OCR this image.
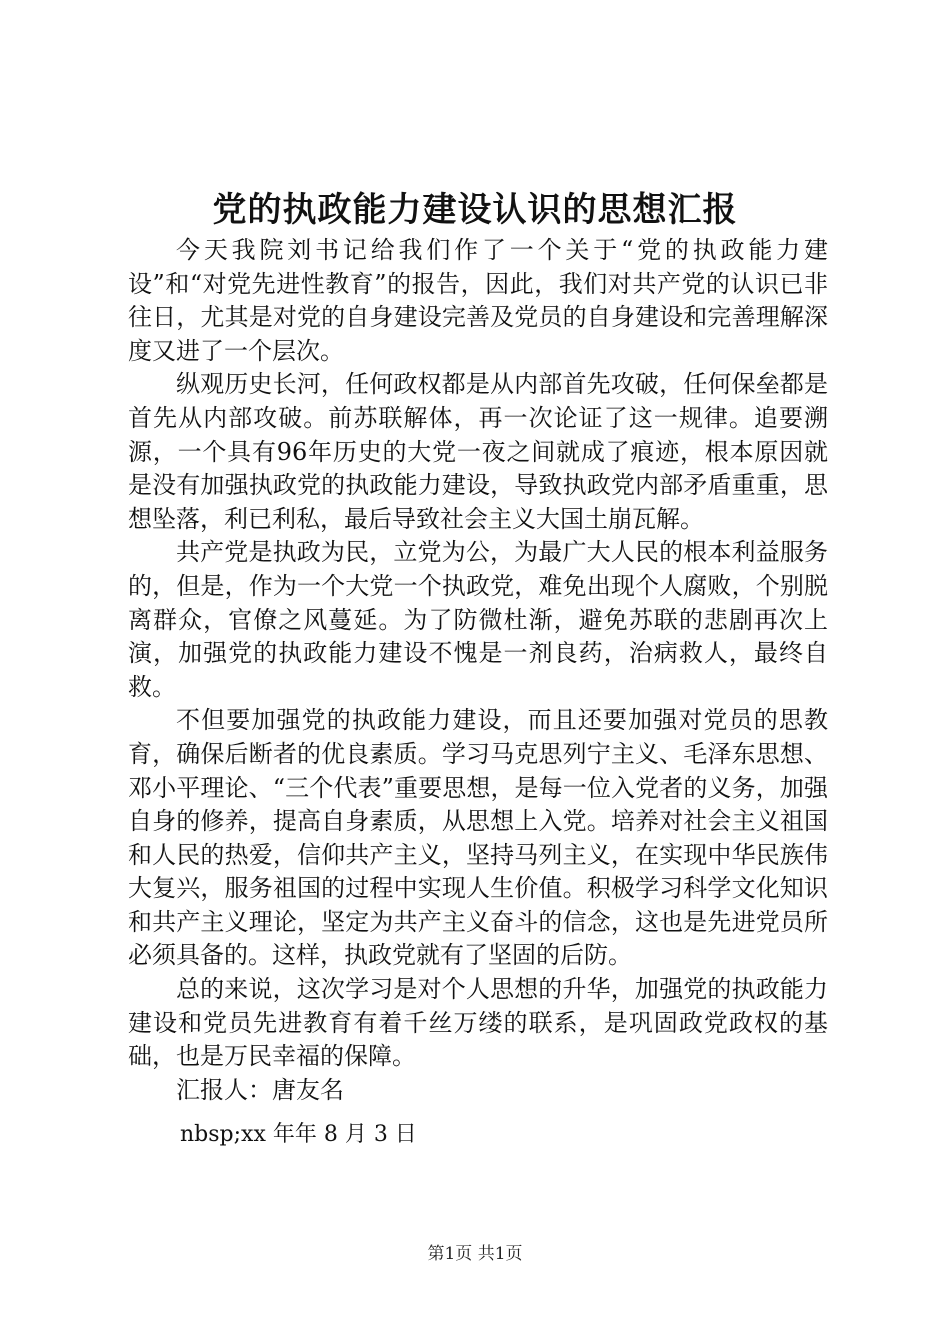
党的执政能力建设认识的思想汇报

今天我院刘书记给我们作了一个关于“党的执政能力建设”和“对党先进性教育”的报告，因此，我们对共产党的认识已非往日，尤其是对党的自身建设完善及党员的自身建设和完善理解深度又进了一个层次。

纵观历史长河，任何政权都是从内部首先攻破，任何保垒都是首先从内部攻破。前苏联解体，再一次论证了这一规律。追要溯源，一个具有96年历史的大党一夜之间就成了痕迹，根本原因就是没有加强执政党的执政能力建设，导致执政党内部矛盾重重，思想坠落，利已利私，最后导致社会主义大国土崩瓦解。

共产党是执政为民，立党为公，为最广大人民的根本利益服务的，但是，作为一个大党一个执政党，难免出现个人腐败，个别脱离群众，官僚之风蔓延。为了防微杜渐，避免苏联的悲剧再次上演，加强党的执政能力建设不愧是一剂良药，治病救人，最终自救。

不但要加强党的执政能力建设，而且还要加强对党员的思教育，确保后断者的优良素质。学习马克思列宁主义、毛泽东思想、邓小平理论、“三个代表”重要思想，是每一位入党者的义务，加强自身的修养，提高自身素质，从思想上入党。培养对社会主义祖国和人民的热爱，信仰共产主义，坚持马列主义，在实现中华民族伟大复兴，服务祖国的过程中实现人生价值。积极学习科学文化知识和共产主义理论，坚定为共产主义奋斗的信念，这也是先进党员所必须具备的。这样，执政党就有了坚固的后防。

总的来说，这次学习是对个人思想的升华，加强党的执政能力建设和党员先进教育有着千丝万缕的联系，是巩固政党政权的基础，也是万民幸福的保障。

汇报人：唐友名

nbsp;xx 年年 8 月 3 日
第1页 共1页
